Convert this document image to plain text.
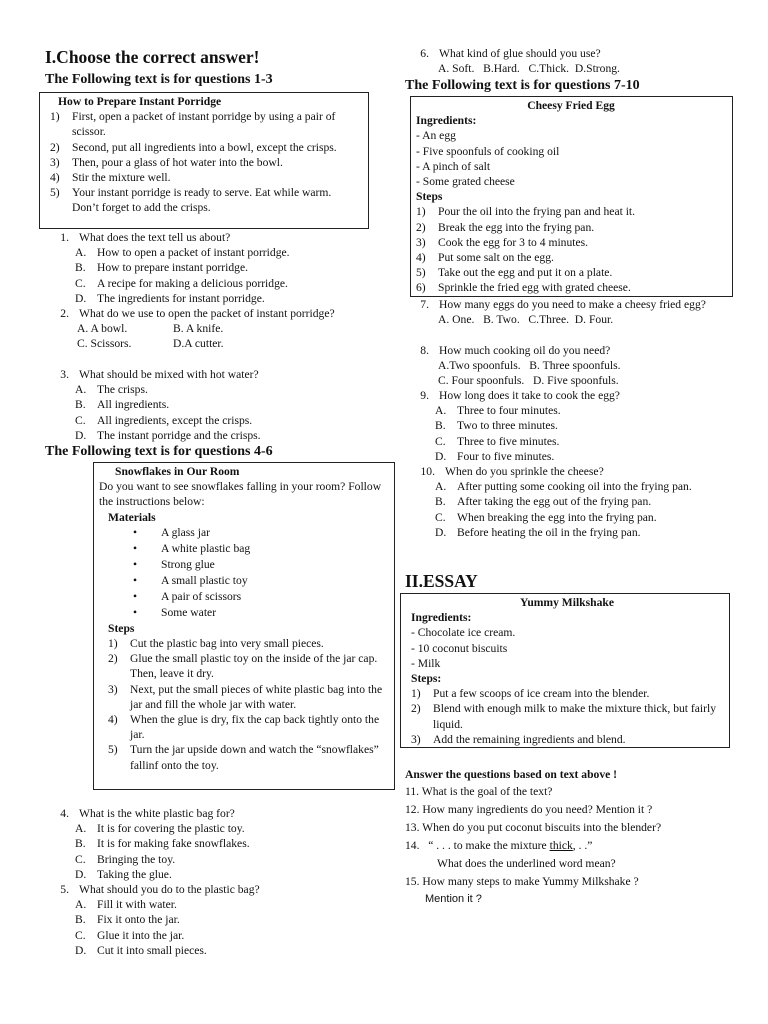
I.Choose the correct answer!
The Following text is for questions 1-3
How to Prepare Instant Porridge
1)	First, open a packet of instant porridge by using a pair of scissor.
2)	Second, put all ingredients into a bowl, except the crisps.
3)	Then, pour a glass of hot water into the bowl.
4)	Stir the mixture well.
5)	Your instant porridge is ready to serve. Eat while warm. Don’t forget to add the crisps.
1. What does the text tell us about?
A. How to open a packet of instant porridge.
B. How to prepare instant porridge.
C. A recipe for making a delicious porridge.
D. The ingredients for instant porridge.
2. What do we use to open the packet of instant porridge?
A. A bowl.	B. A knife.
C. Scissors.	D.A cutter.
3. What should be mixed with hot water?
A. The crisps.
B. All ingredients.
C. All ingredients, except the crisps.
D. The instant porridge and the crisps.
The Following text is for questions 4-6
Snowflakes in Our Room
Do you want to see snowflakes falling in your room? Follow the instructions below:
Materials
•	A glass jar
•	A white plastic bag
•	Strong glue
•	A small plastic toy
•	A pair of scissors
•	Some water
Steps
1)	Cut the plastic bag into very small pieces.
2)	Glue the small plastic toy on the inside of the jar cap. Then, leave it dry.
3)	Next, put the small pieces of white plastic bag into the jar and fill the whole jar with water.
4)	When the glue is dry, fix the cap back tightly onto the jar.
5)	Turn the jar upside down and watch the “snowflakes” fallinf onto the toy.
4. What is the white plastic bag for?
A. It is for covering the plastic toy.
B. It is for making fake snowflakes.
C. Bringing the toy.
D. Taking the glue.
5. What should you do to the plastic bag?
A. Fill it with water.
B. Fix it onto the jar.
C. Glue it into the jar.
D. Cut it into small pieces.
6. What kind of glue should you use?
A. Soft.   B.Hard.   C.Thick.  D.Strong.
The Following text is for questions 7-10
Cheesy Fried Egg
Ingredients:
- An egg
- Five spoonfuls of cooking oil
- A pinch of salt
- Some grated cheese
Steps
1)	Pour the oil into the frying pan and heat it.
2)	Break the egg into the frying pan.
3)	Cook the egg for 3 to 4 minutes.
4)	Put some salt on the egg.
5)	Take out the egg and put it on a plate.
6)	Sprinkle the fried egg with grated cheese.
7. How many eggs do you need to make a cheesy fried egg?
A. One.   B. Two.   C.Three.  D. Four.
8. How much cooking oil do you need?
A.Two spoonfuls.   B. Three spoonfuls.
C. Four spoonfuls.   D. Five spoonfuls.
9. How long does it take to cook the egg?
A. Three to four minutes.
B. Two to three minutes.
C. Three to five minutes.
D. Four to five minutes.
10. When do you sprinkle the cheese?
A. After putting some cooking oil into the frying pan.
B. After taking the egg out of the frying pan.
C. When breaking the egg into the frying pan.
D. Before heating the oil in the frying pan.
II.ESSAY
Yummy Milkshake
Ingredients:
- Chocolate ice cream.
- 10 coconut biscuits
- Milk
Steps:
1)	Put a few scoops of ice cream into the blender.
2)	Blend with enough milk to make the mixture thick, but fairly liquid.
3)	Add the remaining ingredients and blend.
Answer the questions based on text above !
11. What is the goal of the text?
12. How many ingredients do you need? Mention it ?
13. When do you put coconut biscuits into the blender?
14. “ . . . to make the mixture thick, . .”
What does the underlined word mean?
15. How many steps to make Yummy Milkshake ?
Mention it ?
